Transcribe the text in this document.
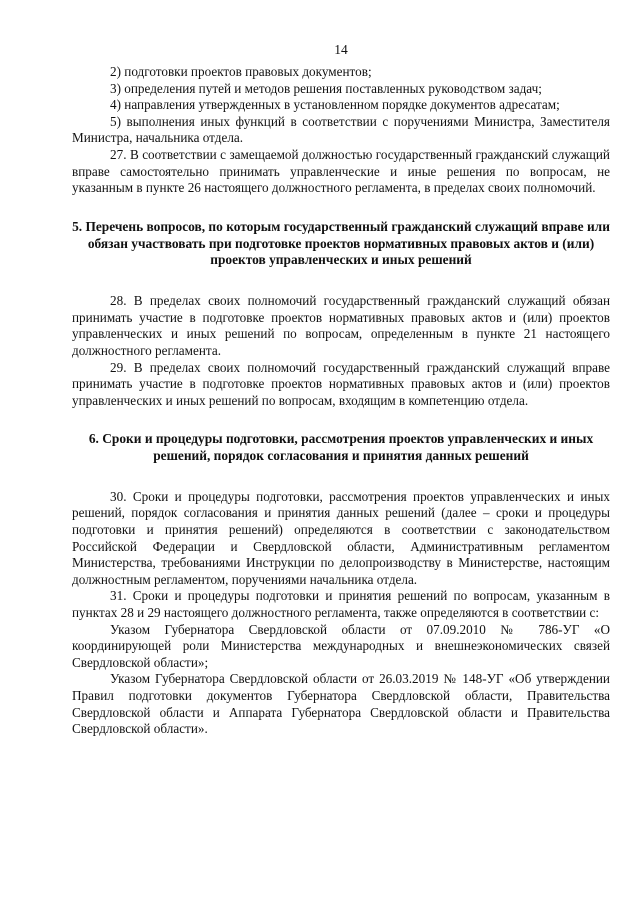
14

2) подготовки проектов правовых документов;

3) определения путей и методов решения поставленных руководством задач;

4) направления утвержденных в установленном порядке документов адресатам;

5) выполнения иных функций в соответствии с поручениями Министра, Заместителя Министра, начальника отдела.

27. В соответствии с замещаемой должностью государственный гражданский служащий вправе самостоятельно принимать управленческие и иные решения по вопросам, не указанным в пункте 26 настоящего должностного регламента, в пределах своих полномочий.

5. Перечень вопросов, по которым государственный гражданский служащий вправе или обязан участвовать при подготовке проектов нормативных правовых актов и (или) проектов управленческих и иных решений

28. В пределах своих полномочий государственный гражданский служащий обязан принимать участие в подготовке проектов нормативных правовых актов и (или) проектов управленческих и иных решений по вопросам, определенным в пункте 21 настоящего должностного регламента.

29. В пределах своих полномочий государственный гражданский служащий вправе принимать участие в подготовке проектов нормативных правовых актов и (или) проектов управленческих и иных решений по вопросам, входящим в компетенцию отдела.

6. Сроки и процедуры подготовки, рассмотрения проектов управленческих и иных решений, порядок согласования и принятия данных решений

30. Сроки и процедуры подготовки, рассмотрения проектов управленческих и иных решений, порядок согласования и принятия данных решений (далее – сроки и процедуры подготовки и принятия решений) определяются в соответствии с законодательством Российской Федерации и Свердловской области, Административным регламентом Министерства, требованиями Инструкции по делопроизводству в Министерстве, настоящим должностным регламентом, поручениями начальника отдела.

31. Сроки и процедуры подготовки и принятия решений по вопросам, указанным в пунктах 28 и 29 настоящего должностного регламента, также определяются в соответствии с:

Указом Губернатора Свердловской области от 07.09.2010 № 786-УГ «О координирующей роли Министерства международных и внешнеэкономических связей Свердловской области»;

Указом Губернатора Свердловской области от 26.03.2019 № 148-УГ «Об утверждении Правил подготовки документов Губернатора Свердловской области, Правительства Свердловской области и Аппарата Губернатора Свердловской области и Правительства Свердловской области».
